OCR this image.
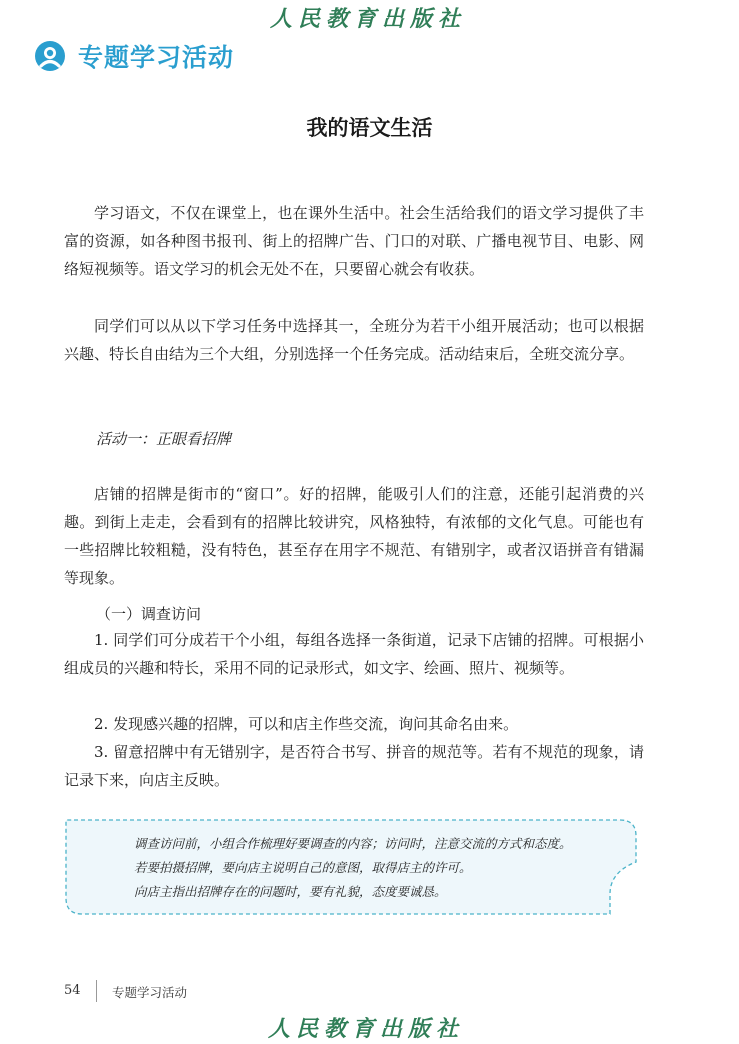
人民教育出版社
专题学习活动
我的语文生活

学习语文，不仅在课堂上，也在课外生活中。社会生活给我们的语文学习提供了丰富的资源，如各种图书报刊、街上的招牌广告、门口的对联、广播电视节目、电影、网络短视频等。语文学习的机会无处不在，只要留心就会有收获。

同学们可以从以下学习任务中选择其一，全班分为若干小组开展活动；也可以根据兴趣、特长自由结为三个大组，分别选择一个任务完成。活动结束后，全班交流分享。

活动一：正眼看招牌

店铺的招牌是街市的“窗口”。好的招牌，能吸引人们的注意，还能引起消费的兴趣。到街上走走，会看到有的招牌比较讲究，风格独特，有浓郁的文化气息。可能也有一些招牌比较粗糙，没有特色，甚至存在用字不规范、有错别字，或者汉语拼音有错漏等现象。

（一）调查访问

1. 同学们可分成若干个小组，每组各选择一条街道，记录下店铺的招牌。可根据小组成员的兴趣和特长，采用不同的记录形式，如文字、绘画、照片、视频等。

2. 发现感兴趣的招牌，可以和店主作些交流，询问其命名由来。

3. 留意招牌中有无错别字，是否符合书写、拼音的规范等。若有不规范的现象，请记录下来，向店主反映。

调查访问前，小组合作梳理好要调查的内容；访问时，注意交流的方式和态度。
若要拍摄招牌，要向店主说明自己的意图，取得店主的许可。
向店主指出招牌存在的问题时，要有礼貌，态度要诚恳。
54	专题学习活动
人民教育出版社
